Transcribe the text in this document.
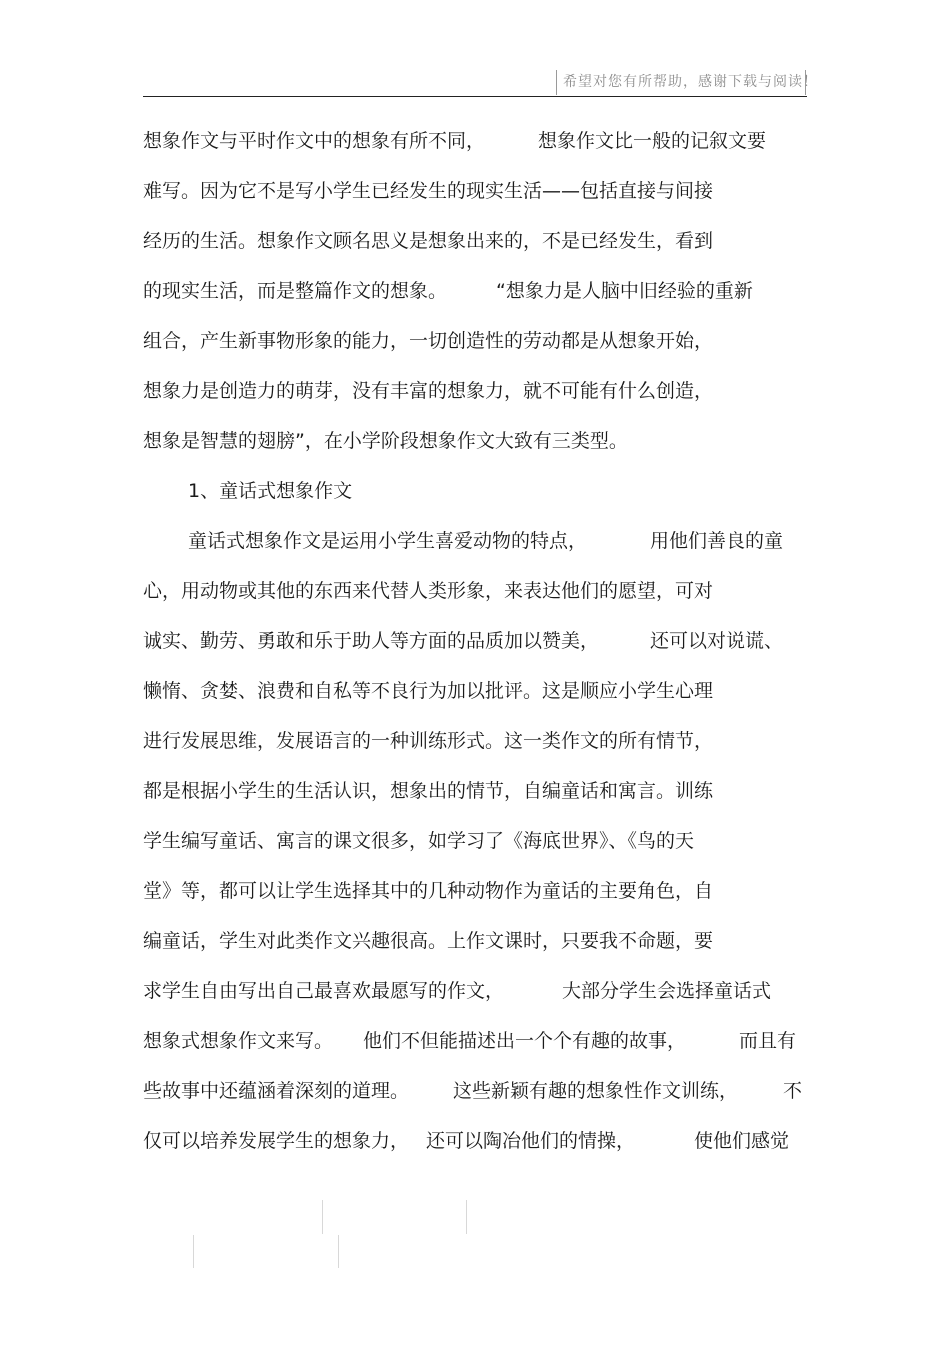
希望对您有所帮助，感谢下载与阅读！
想象作文与平时作文中的想象有所不同，	想象作文比一般的记叙文要
难写。因为它不是写小学生已经发生的现实生活——包括直接与间接
经历的生活。想象作文顾名思义是想象出来的，不是已经发生，看到
的现实生活，而是整篇作文的想象。	“想象力是人脑中旧经验的重新
组合，产生新事物形象的能力，一切创造性的劳动都是从想象开始，
想象力是创造力的萌芽，没有丰富的想象力，就不可能有什么创造，
想象是智慧的翅膀”，在小学阶段想象作文大致有三类型。
1、童话式想象作文
童话式想象作文是运用小学生喜爱动物的特点，	用他们善良的童
心，用动物或其他的东西来代替人类形象，来表达他们的愿望，可对
诚实、勤劳、勇敢和乐于助人等方面的品质加以赞美，	还可以对说谎、
懒惰、贪婪、浪费和自私等不良行为加以批评。这是顺应小学生心理
进行发展思维，发展语言的一种训练形式。这一类作文的所有情节，
都是根据小学生的生活认识，想象出的情节，自编童话和寓言。训练
学生编写童话、寓言的课文很多，如学习了《海底世界》、《鸟的天
堂》等，都可以让学生选择其中的几种动物作为童话的主要角色，自
编童话，学生对此类作文兴趣很高。上作文课时，只要我不命题，要
求学生自由写出自己最喜欢最愿写的作文，	大部分学生会选择童话式
想象式想象作文来写。 他们不但能描述出一个个有趣的故事，	而且有
些故事中还蕴涵着深刻的道理。 这些新颖有趣的想象性作文训练， 不
仅可以培养发展学生的想象力， 还可以陶冶他们的情操，	使他们感觉
